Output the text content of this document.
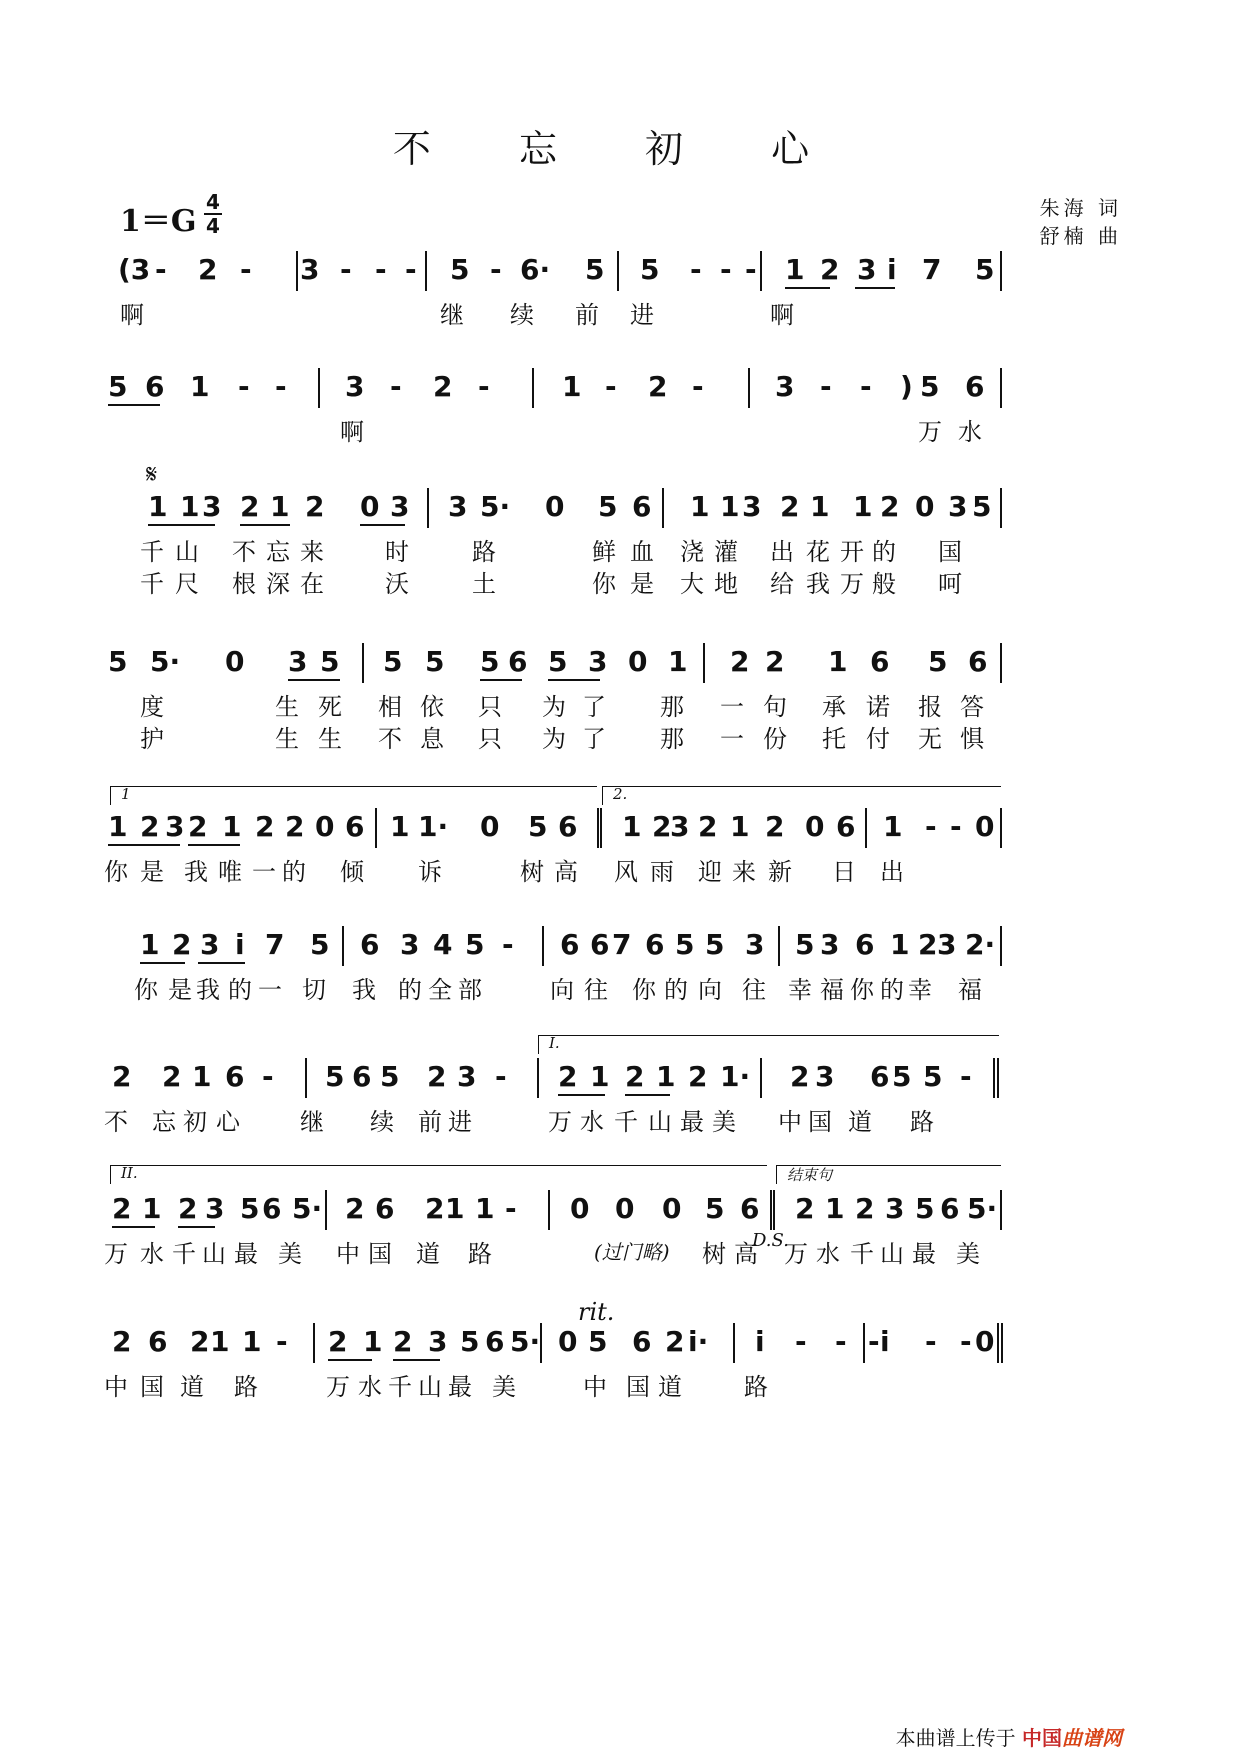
不 忘 初 心
1＝G
4
4
朱海 词
舒楠 曲
(3 - 2 - 3 - - - 5 - 6· 5 5 - - - 1 2 3 i 7 5
啊	继 续 前 进	啊
5 6 1 - - 3 - 2 -	1 - 2 -	3 - - ) 5 6
啊	万 水
1 1 3 2 1 2 0 3 3 5· 0 5 6 1 1 3 2 1 1 2 0 3 5
千 山 不 忘 来	时	路	鲜 血 浇 灌 出 花 开 的 国
千 尺 根 深 在	沃	土	你 是 大 地 给 我 万 般 呵
5 5· 0 3 5 5 5 5 6 5 3 0 1 2 2 1 6 5 6
度	生 死 相 依 只 为 了 那 一 句 承 诺 报 答
护	生 生 不 息 只 为 了 那 一 份 托 付 无 惧
1 2 3 2 1 2 2 0 6 1 1· 0 5 6 1 2
3 2 1 2 0 6 1 - - 0
你 是 我 唯 一 的 倾 诉	树 高 风 雨 迎 来 新 日 出
1 2 3 i 7 5 6 3 4 5 - 6 6 7 6 5 5 3 5 3 6 1 2 3 2·
你 是 我 的 一 切 我 的 全 部	向 往 你 的 向 往 幸 福 你 的 幸 福
2 2 1 6 - 5 6 5 2 3 - 2 1 2 1 2 1· 2 3 6 5 5 -
不 忘 初 心	继 续 前 进	万 水 千 山 最 美 中 国 道 路
2 1 2 3 5 6 5· 2 6 2 1 1 - 0 0 0 5 6 2 1 2 3 5 6 5·
万 水 千 山 最 美 中 国 道 路	树 高 万 水 千 山 最 美
2 6 2 1 1 - 2 1 2 3 5 6 5· 0 5 6 2 i· i - - - i - - 0
中 国 道 路	万 水 千 山 最 美	中 国 道	路
本曲谱上传于 中国曲谱网
𝄋
D.S.
rit.
(过门略)
1	2.
I.
II.	结束句
